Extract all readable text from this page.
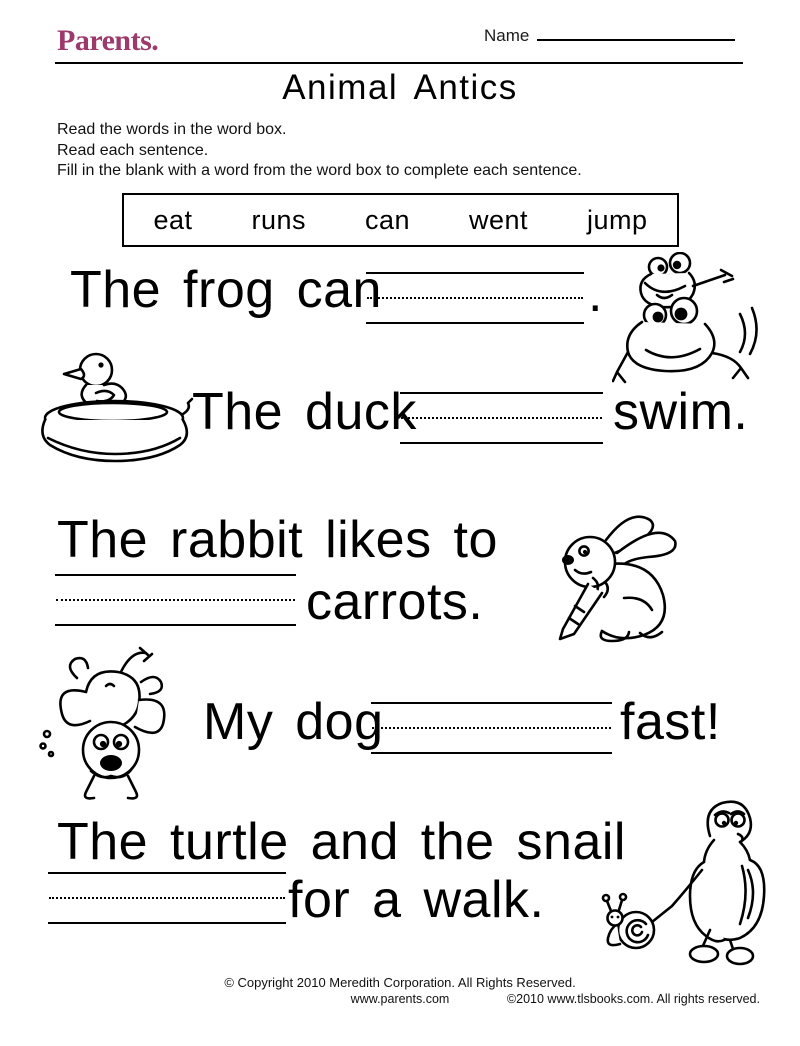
Parents.	Name
Animal Antics
Read the words in the word box.
Read each sentence.
Fill in the blank with a word from the word box to complete each sentence.
eat runs can went jump
The frog can	.
The duck	swim.
The rabbit likes to
carrots.
My dog	fast!
The turtle and the snail
for a walk.
© Copyright 2010 Meredith Corporation. All Rights Reserved.
www.parents.com	©2010 www.tlsbooks.com. All rights reserved.
